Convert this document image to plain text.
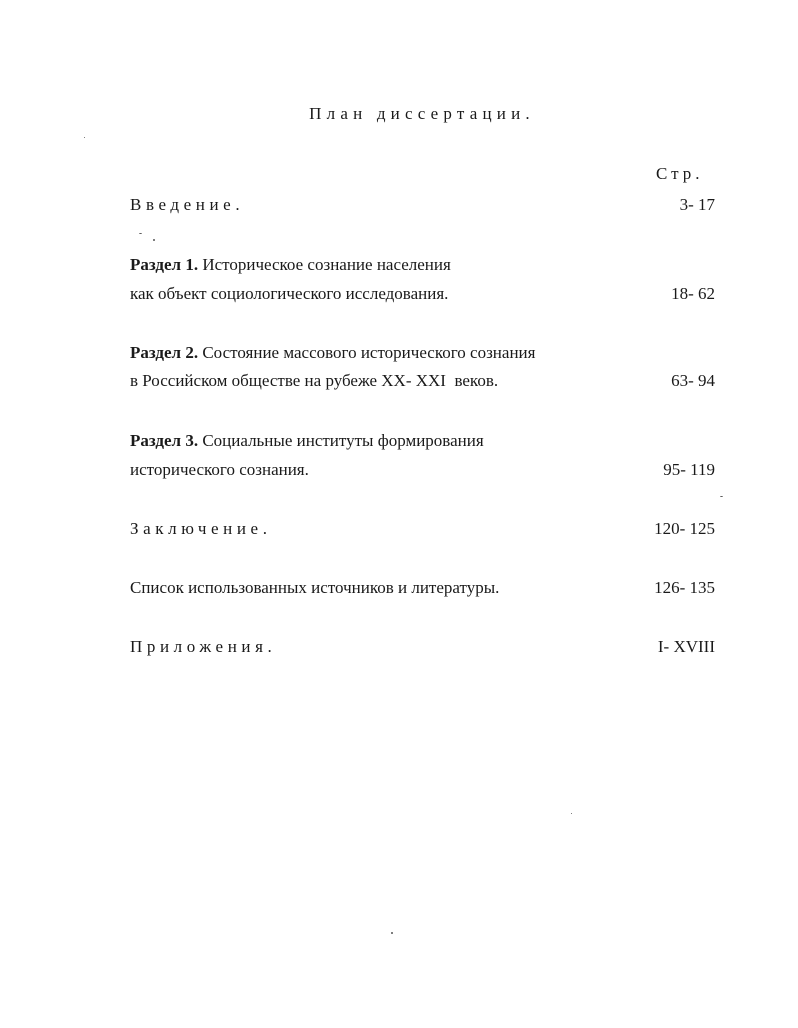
План диссертации.
Стр.
Введение.	3- 17
Раздел 1. Историческое сознание населения
как объект социологического исследования.	18- 62
Раздел 2. Состояние массового исторического сознания
в Российском обществе на рубеже XX- XXI  веков.	63- 94
Раздел 3. Социальные институты формирования
исторического сознания.	95- 119
Заключение.	120- 125
Список использованных источников и литературы.	126- 135
Приложения.	I- XVIII
